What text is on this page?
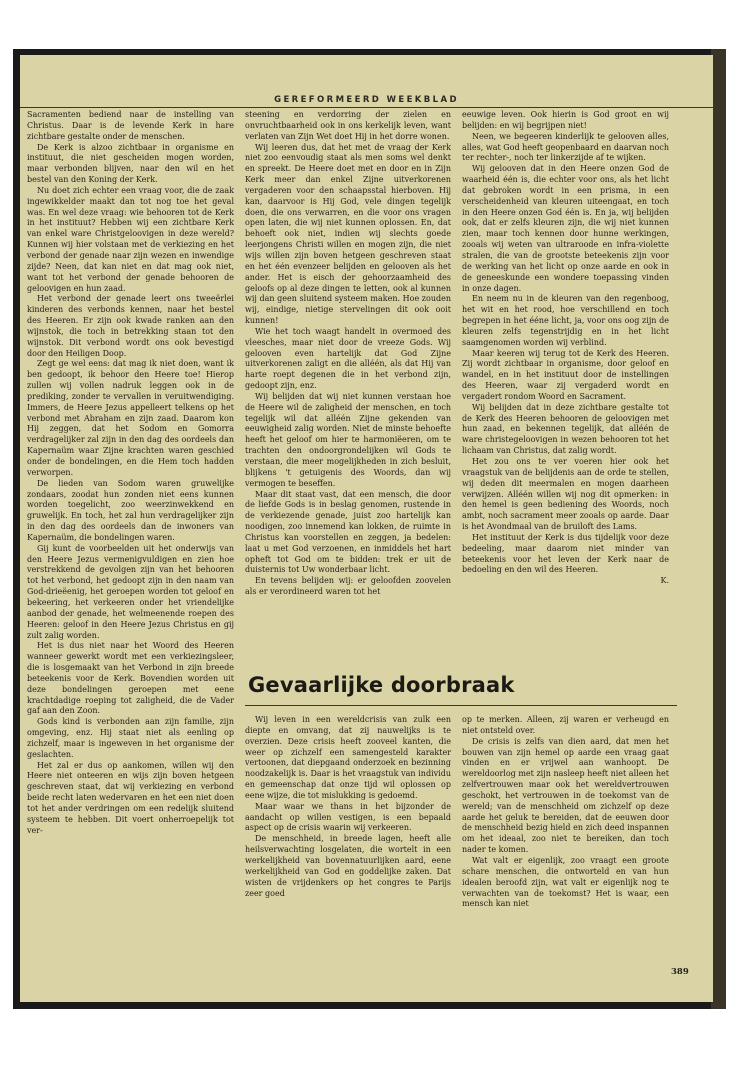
GEREFORMEERD WEEKBLAD

Sacramenten bediend naar de instelling van Christus. Daar is de levende Kerk in hare zichtbare gestalte onder de menschen.

De Kerk is alzoo zichtbaar in organisme en instituut, die niet gescheiden mogen worden, maar verbonden blijven, naar den wil en het bestel van den Koning der Kerk.

Nu doet zich echter een vraag voor, die de zaak ingewikkelder maakt dan tot nog toe het geval was. En wel deze vraag: wie behooren tot de Kerk in het instituut? Hebben wij een zichtbare Kerk van enkel ware Christgeloovigen in deze wereld? Kunnen wij hier volstaan met de verkiezing en het verbond der genade naar zijn wezen en inwendige zijde? Neen, dat kan niet en dat mag ook niet, want tot het verbond der genade behooren de geloovigen en hun zaad.

Het verbond der genade leert ons tweeërlei kinderen des verbonds kennen, naar het bestel des Heeren. Er zijn ook kwade ranken aan den wijnstok, die toch in betrekking staan tot den wijnstok. Dit verbond wordt ons ook bevestigd door den Heiligen Doop.

Zegt ge wel eens: dat mag ik niet doen, want ik ben gedoopt, ik behoor den Heere toe! Hierop zullen wij vollen nadruk leggen ook in de prediking, zonder te vervallen in veruitwendiging. Immers, de Heere Jezus appelleert telkens op het verbond met Abraham en zijn zaad. Daarom kon Hij zeggen, dat het Sodom en Gomorra verdragelijker zal zijn in den dag des oordeels dan Kapernaüm waar Zijne krachten waren geschied onder de bondelingen, en die Hem toch hadden verworpen.

De lieden van Sodom waren gruwelijke zondaars, zoodat hun zonden niet eens kunnen worden toegelicht, zoo weerzinwekkend en gruwelijk. En toch, het zal hun verdragelijker zijn in den dag des oordeels dan de inwoners van Kapernaüm, die bondelingen waren.

Gij kunt de voorbeelden uit het onderwijs van den Heere Jezus vermenigvuldigen en zien hoe verstrekkend de gevolgen zijn van het behooren tot het verbond, het gedoopt zijn in den naam van God-drieëenig, het geroepen worden tot geloof en bekeering, het verkeeren onder het vriendelijke aanbod der genade, het welmeenende roepen des Heeren: geloof in den Heere Jezus Christus en gij zult zalig worden.

Het is dus niet naar het Woord des Heeren wanneer gewerkt wordt met een verkiezingsleer, die is losgemaakt van het Verbond in zijn breede beteekenis voor de Kerk. Bovendien worden uit deze bondelingen geroepen met eene krachtdadige roeping tot zaligheid, die de Vader gaf aan den Zoon.

Gods kind is verbonden aan zijn familie, zijn omgeving, enz. Hij staat niet als eenling op zichzelf, maar is ingeweven in het organisme der geslachten.

Het zal er dus op aankomen, willen wij den Heere niet onteeren en wijs zijn boven hetgeen geschreven staat, dat wij verkiezing en verbond beide recht laten wedervaren en het een niet doen tot het ander verdringen om een redelijk sluitend systeem te hebben. Dit voert onherroepelijk tot ver-

steening en verdorring der zielen en onvruchtbaarheid ook in ons kerkelijk leven, want verlaten van Zijn Wet doet Hij in het dorre wonen.

Wij leeren dus, dat het met de vraag der Kerk niet zoo eenvoudig staat als men soms wel denkt en spreekt. De Heere doet met en door en in Zijn Kerk meer dan enkel Zijne uitverkorenen vergaderen voor den schaapsstal hierboven. Hij kan, daarvoor is Hij God, vele dingen tegelijk doen, die ons verwarren, en die voor ons vragen open laten, die wij niet kunnen oplossen. En, dat behoeft ook niet, indien wij slechts goede leerjongens Christi willen en mogen zijn, die niet wijs willen zijn boven hetgeen geschreven staat en het één evenzeer belijden en gelooven als het ander. Het is eisch der gehoorzaamheid des geloofs op al deze dingen te letten, ook al kunnen wij dan geen sluitend systeem maken. Hoe zouden wij, eindige, nietige stervelingen dit ook ooit kunnen!

Wie het toch waagt handelt in overmoed des vleesches, maar niet door de vreeze Gods. Wij gelooven even hartelijk dat God Zijne uitverkorenen zaligt en die alléén, als dat Hij van harte roept degenen die in het verbond zijn, gedoopt zijn, enz.

Wij belijden dat wij niet kunnen verstaan hoe de Heere wil de zaligheid der menschen, en toch tegelijk wil dat alléén Zijne gekenden van eeuwigheid zalig worden. Niet de minste behoefte heeft het geloof om hier te harmoniëeren, om te trachten den ondoorgrondelijken wil Gods te verstaan, die meer mogelijkheden in zich besluit, blijkens 't getuigenis des Woords, dan wij vermogen te beseffen.

Maar dit staat vast, dat een mensch, die door de liefde Gods is in beslag genomen, rustende in de verkiezende genade, juist zoo hartelijk kan noodigen, zoo innemend kan lokken, de ruimte in Christus kan voorstellen en zeggen, ja bedelen: laat u met God verzoenen, en inmiddels het hart opheft tot God om te bidden: trek er uit de duisternis tot Uw wonderbaar licht.

En tevens belijden wij: er geloofden zoovelen als er verordineerd waren tot het

eeuwige leven. Ook hierin is God groot en wij belijden: en wij begrijpen niet!

Neen, we begeeren kinderlijk te gelooven alles, alles, wat God heeft geopenbaard en daarvan noch ter rechter-, noch ter linkerzijde af te wijken.

Wij gelooven dat in den Heere onzen God de waarheid één is, die echter voor ons, als het licht dat gebroken wordt in een prisma, in een verscheidenheid van kleuren uiteengaat, en toch in den Heere onzen God één is. En ja, wij belijden ook, dat er zelfs kleuren zijn, die wij niet kunnen zien, maar toch kennen door hunne werkingen, zooals wij weten van ultraroode en infra-violette stralen, die van de grootste beteekenis zijn voor de werking van het licht op onze aarde en ook in de geneeskunde een wondere toepassing vinden in onze dagen.

En neem nu in de kleuren van den regenboog, het wit en het rood, hoe verschillend en toch begrepen in het ééne licht, ja, voor ons oog zijn de kleuren zelfs tegenstrijdig en in het licht saamgenomen worden wij verblind.

Maar keeren wij terug tot de Kerk des Heeren. Zij wordt zichtbaar in organisme, door geloof en wandel, en in het instituut door de instellingen des Heeren, waar zij vergaderd wordt en vergadert rondom Woord en Sacrament.

Wij belijden dat in deze zichtbare gestalte tot de Kerk des Heeren behooren de geloovigen met hun zaad, en bekennen tegelijk, dat alléén de ware christegeloovigen in wezen behooren tot het lichaam van Christus, dat zalig wordt.

Het zou ons te ver voeren hier ook het vraagstuk van de belijdenis aan de orde te stellen, wij deden dit meermalen en mogen daarheen verwijzen. Alléén willen wij nog dit opmerken: in den hemel is geen bediening des Woords, noch ambt, noch sacrament meer zooals op aarde. Daar is het Avondmaal van de bruiloft des Lams.

Het instituut der Kerk is dus tijdelijk voor deze bedeeling, maar daarom niet minder van beteekenis voor het leven der Kerk naar de bedoeling en den wil des Heeren.

K.

Gevaarlijke doorbraak

Wij leven in een wereldcrisis van zulk een diepte en omvang, dat zij nauwelijks is te overzien. Deze crisis heeft zooveel kanten, die weer op zichzelf een samengesteld karakter vertoonen, dat diepgaand onderzoek en bezinning noodzakelijk is. Daar is het vraagstuk van individu en gemeenschap dat onze tijd wil oplossen op eene wijze, die tot mislukking is gedoemd.

Maar waar we thans in het bijzonder de aandacht op willen vestigen, is een bepaald aspect op de crisis waarin wij verkeeren.

De menschheid, in breede lagen, heeft alle heilsverwachting losgelaten, die wortelt in een werkelijkheid van bovennatuurlijken aard, eene werkelijkheid van God en goddelijke zaken. Dat wisten de vrijdenkers op het congres te Parijs zeer goed

op te merken. Alleen, zij waren er verheugd en niet ontsteld over.

De crisis is zelfs van dien aard, dat men het bouwen van zijn hemel op aarde een vraag gaat vinden en er vrijwel aan wanhoopt. De wereldoorlog met zijn nasleep heeft niet alleen het zelfvertrouwen maar ook het wereldvertrouwen geschokt, het vertrouwen in de toekomst van de wereld; van de menschheid om zichzelf op deze aarde het geluk te bereiden, dat de eeuwen door de menschheid bezig hield en zich deed inspannen om het ideaal, zoo niet te bereiken, dan toch nader te komen.

Wat valt er eigenlijk, zoo vraagt een groote schare menschen, die ontworteld en van hun idealen beroofd zijn, wat valt er eigenlijk nog te verwachten van de toekomst? Het is waar, een mensch kan niet

389
